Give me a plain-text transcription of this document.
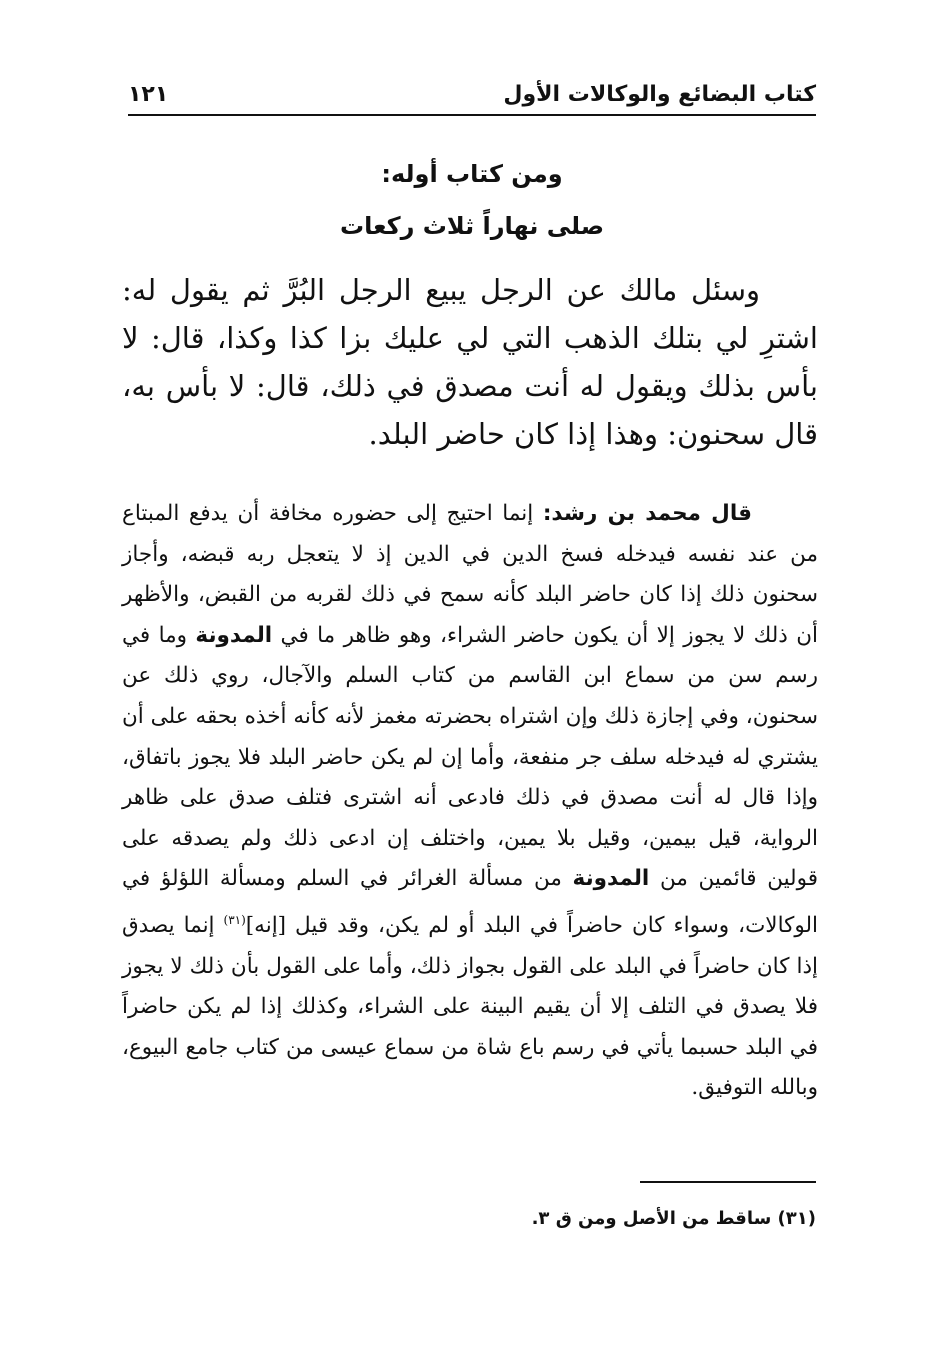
كتاب البضائع والوكالات الأول
١٢١
ومن كتاب أوله:
صلى نهاراً ثلاث ركعات

وسئل مالك عن الرجل يبيع الرجل البُرَّ ثم يقول له: اشترِ لي بتلك الذهب التي لي عليك بزا كذا وكذا، قال: لا بأس بذلك ويقول له أنت مصدق في ذلك، قال: لا بأس به، قال سحنون: وهذا إذا كان حاضر البلد.

قال محمد بن رشد: إنما احتيج إلى حضوره مخافة أن يدفع المبتاع من عند نفسه فيدخله فسخ الدين في الدين إذ لا يتعجل ربه قبضه، وأجاز سحنون ذلك إذا كان حاضر البلد كأنه سمح في ذلك لقربه من القبض، والأظهر أن ذلك لا يجوز إلا أن يكون حاضر الشراء، وهو ظاهر ما في المدونة وما في رسم سن من سماع ابن القاسم من كتاب السلم والآجال، روي ذلك عن سحنون، وفي إجازة ذلك وإن اشتراه بحضرته مغمز لأنه كأنه أخذه بحقه على أن يشتري له فيدخله سلف جر منفعة، وأما إن لم يكن حاضر البلد فلا يجوز باتفاق، وإذا قال له أنت مصدق في ذلك فادعى أنه اشترى فتلف صدق على ظاهر الرواية، قيل بيمين، وقيل بلا يمين، واختلف إن ادعى ذلك ولم يصدقه على قولين قائمين من المدونة من مسألة الغرائر في السلم ومسألة اللؤلؤ في الوكالات، وسواء كان حاضراً في البلد أو لم يكن، وقد قيل [إنه]$^{(٣١)}$ إنما يصدق إذا كان حاضراً في البلد على القول بجواز ذلك، وأما على القول بأن ذلك لا يجوز فلا يصدق في التلف إلا أن يقيم البينة على الشراء، وكذلك إذا لم يكن حاضراً في البلد حسبما يأتي في رسم باع شاة من سماع عيسى من كتاب جامع البيوع، وبالله التوفيق.

(٣١) ساقط من الأصل ومن ق ٣.
